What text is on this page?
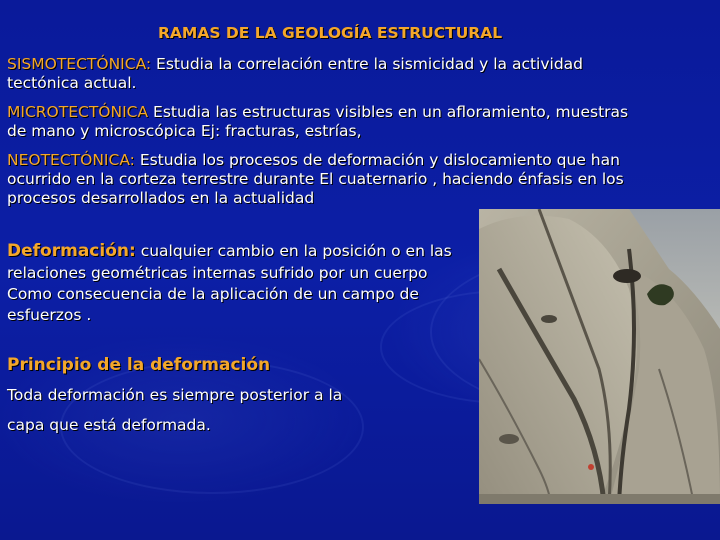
RAMAS DE LA GEOLOGÍA ESTRUCTURAL
SISMOTECTÓNICA: Estudia la correlación entre la sismicidad y la actividad
tectónica actual.
MICROTECTÓNICA Estudia las estructuras visibles en un afloramiento, muestras
de mano y microscópica Ej: fracturas, estrías,
NEOTECTÓNICA: Estudia los procesos de deformación y dislocamiento que han
ocurrido en la corteza terrestre durante El cuaternario , haciendo énfasis en los
procesos desarrollados en la actualidad
Deformación: cualquier cambio en la posición o en las
relaciones geométricas internas sufrido por un cuerpo
Como consecuencia de la aplicación de un campo de
esfuerzos .
Principio de la deformación
Toda deformación es siempre posterior a la
capa que está deformada.
